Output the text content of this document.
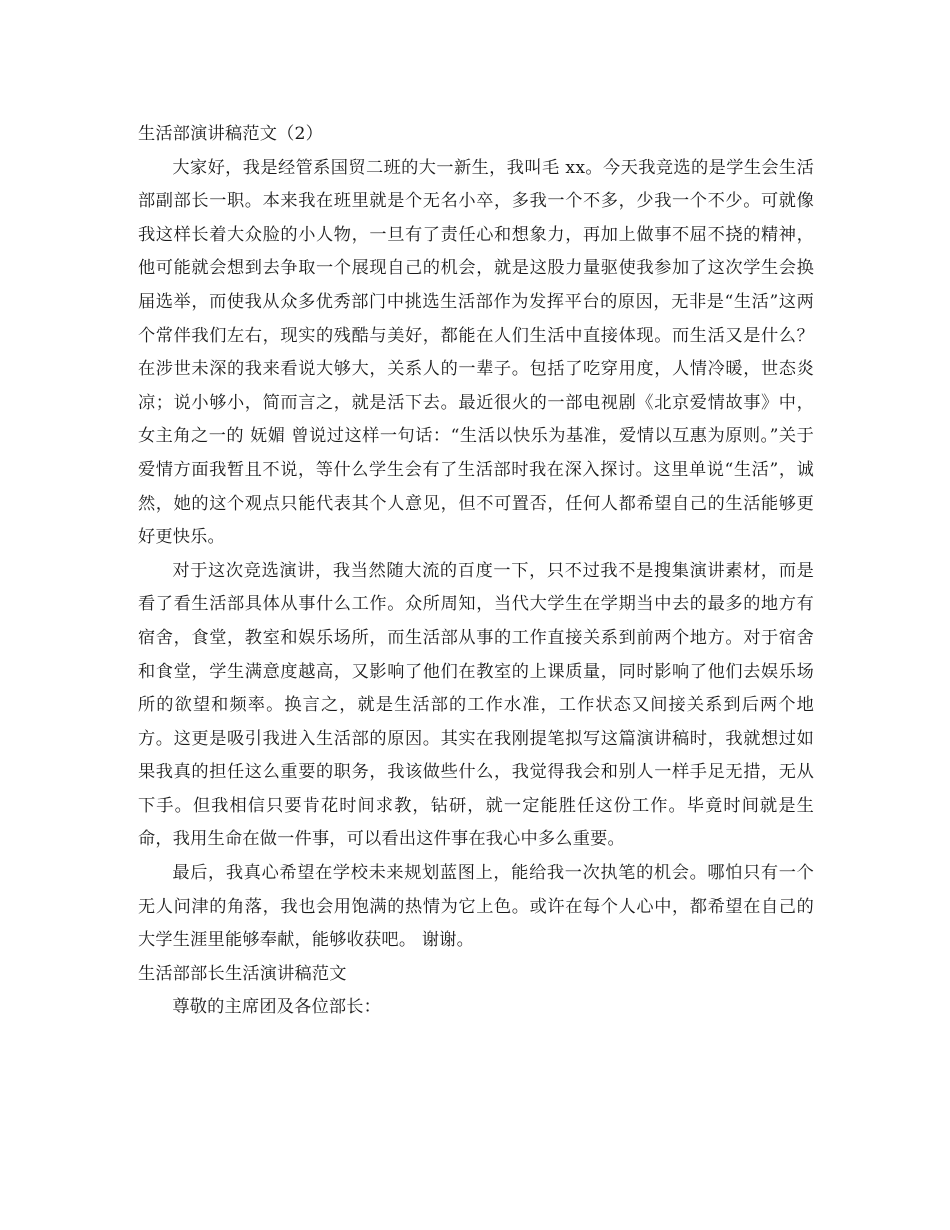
生活部演讲稿范文（2）

大家好，我是经管系国贸二班的大一新生，我叫毛 xx。今天我竞选的是学生会生活部副部长一职。本来我在班里就是个无名小卒，多我一个不多，少我一个不少。可就像我这样长着大众脸的小人物，一旦有了责任心和想象力，再加上做事不屈不挠的精神，他可能就会想到去争取一个展现自己的机会，就是这股力量驱使我参加了这次学生会换届选举，而使我从众多优秀部门中挑选生活部作为发挥平台的原因，无非是“生活”这两个常伴我们左右，现实的残酷与美好，都能在人们生活中直接体现。而生活又是什么？在涉世未深的我来看说大够大，关系人的一辈子。包括了吃穿用度，人情冷暖，世态炎凉；说小够小，简而言之，就是活下去。最近很火的一部电视剧《北京爱情故事》中，女主角之一的 妩媚 曾说过这样一句话：“生活以快乐为基准，爱情以互惠为原则。”关于爱情方面我暂且不说，等什么学生会有了生活部时我在深入探讨。这里单说“生活”，诚然，她的这个观点只能代表其个人意见，但不可置否，任何人都希望自己的生活能够更好更快乐。

对于这次竞选演讲，我当然随大流的百度一下，只不过我不是搜集演讲素材，而是看了看生活部具体从事什么工作。众所周知，当代大学生在学期当中去的最多的地方有宿舍，食堂，教室和娱乐场所，而生活部从事的工作直接关系到前两个地方。对于宿舍和食堂，学生满意度越高，又影响了他们在教室的上课质量，同时影响了他们去娱乐场所的欲望和频率。换言之，就是生活部的工作水准，工作状态又间接关系到后两个地方。这更是吸引我进入生活部的原因。其实在我刚提笔拟写这篇演讲稿时，我就想过如果我真的担任这么重要的职务，我该做些什么，我觉得我会和别人一样手足无措，无从下手。但我相信只要肯花时间求教，钻研，就一定能胜任这份工作。毕竟时间就是生命，我用生命在做一件事，可以看出这件事在我心中多么重要。

最后，我真心希望在学校未来规划蓝图上，能给我一次执笔的机会。哪怕只有一个无人问津的角落，我也会用饱满的热情为它上色。或许在每个人心中，都希望在自己的大学生涯里能够奉献，能够收获吧。 谢谢。

生活部部长生活演讲稿范文

尊敬的主席团及各位部长：
